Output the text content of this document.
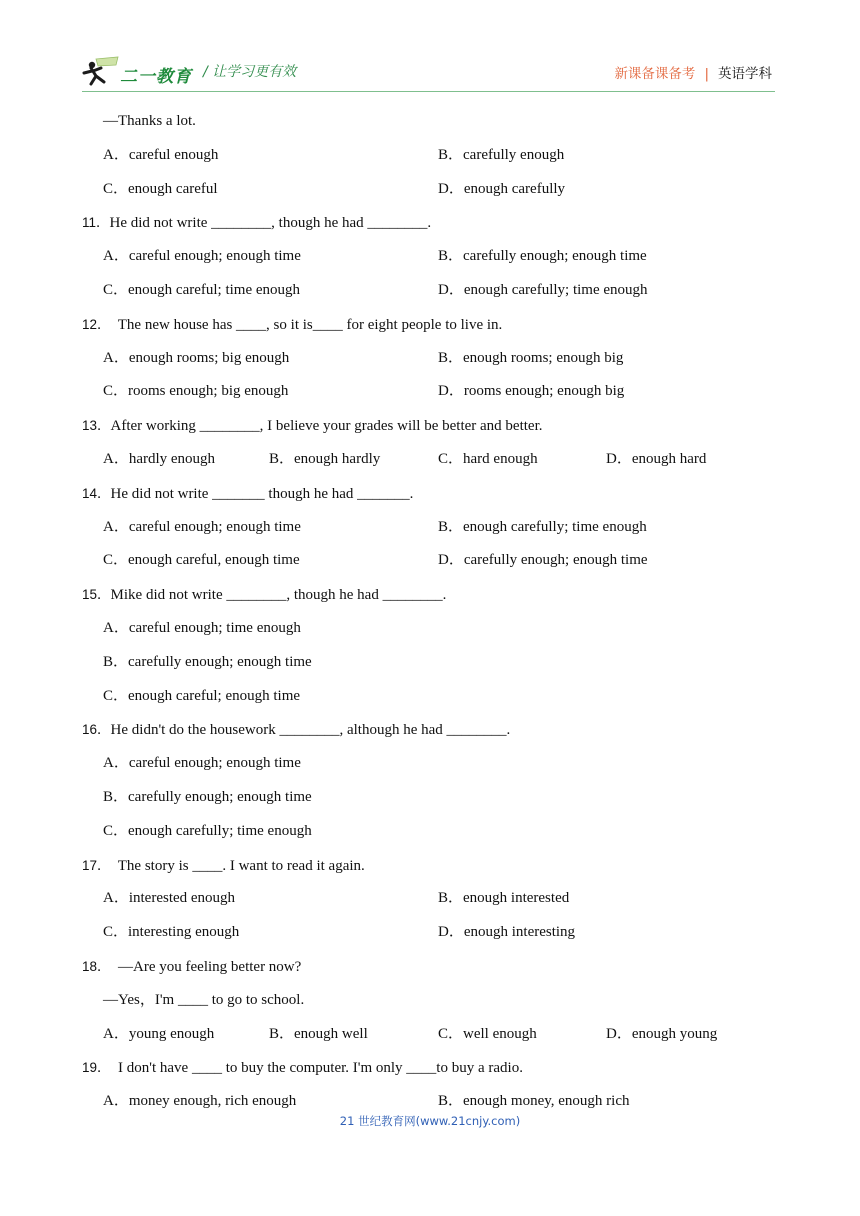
二一教育 / 让学习更有效	新课备课备考 | 英语学科
—Thanks a lot.
A．careful enough	B．carefully enough
C．enough careful	D．enough carefully
11．He did not write ________, though he had ________.
A．careful enough; enough time	B．carefully enough; enough time
C．enough careful; time enough	D．enough carefully; time enough
12．  The new house has ____, so it is____ for eight people to live in.
A．enough rooms; big enough	B．enough rooms; enough big
C．rooms enough; big enough	D．rooms enough; enough big
13．After working ________, I believe your grades will be better and better.
A．hardly enough	B．enough hardly	C．hard enough	D．enough hard
14．He did not write _______ though he had _______.
A．careful enough; enough time	B．enough carefully; time enough
C．enough careful, enough time	D．carefully enough; enough time
15．Mike did not write ________, though he had ________.
A．careful enough; time enough
B．carefully enough; enough time
C．enough careful; enough time
16．He didn't do the housework ________, although he had ________.
A．careful enough; enough time
B．carefully enough; enough time
C．enough carefully; time enough
17．  The story is ____. I want to read it again.
A．interested enough	B．enough interested
C．interesting enough	D．enough interesting
18．  —Are you feeling better now?
—Yes，I'm ____ to go to school.
A．young enough	B．enough well	C．well enough	D．enough young
19．  I don't have ____ to buy the computer. I'm only ____to buy a radio.
A．money enough, rich enough	B．enough money, enough rich
21 世纪教育网(www.21cnjy.com)
